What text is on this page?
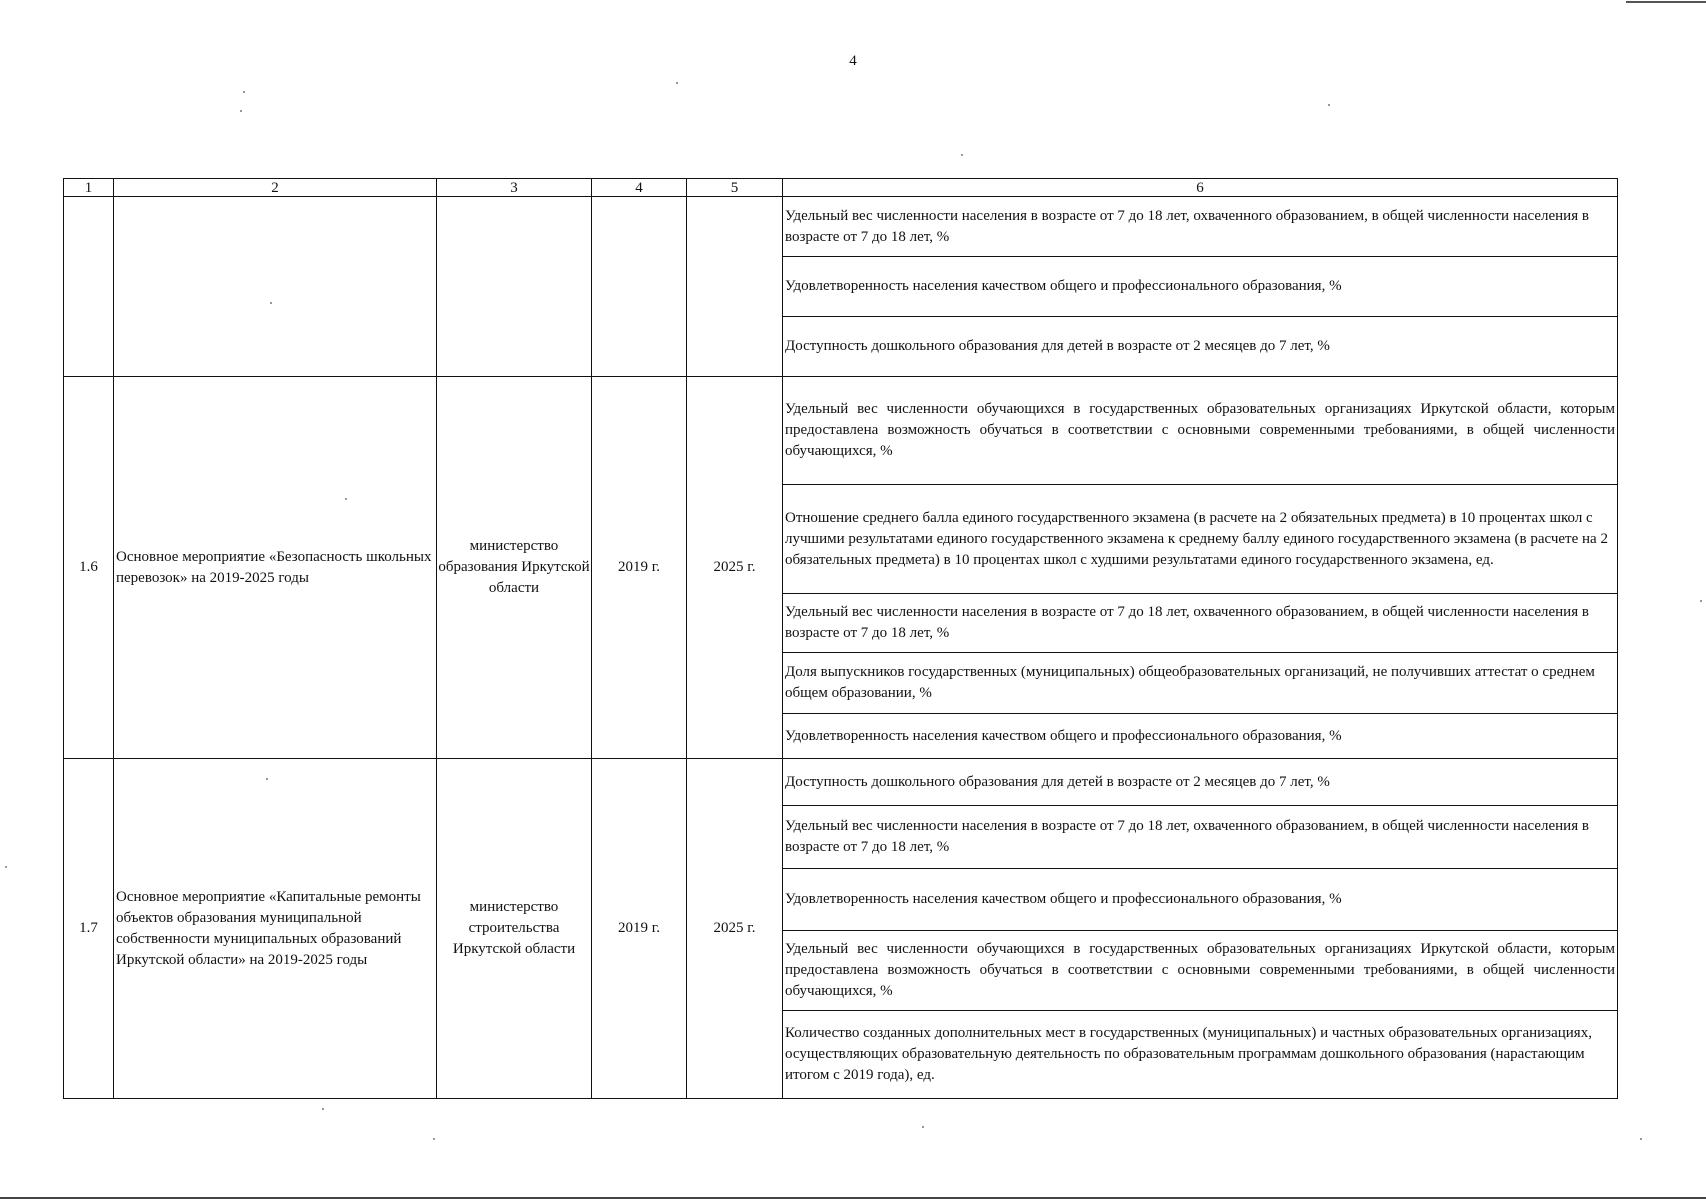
4
1	2	3	4	5	6
					Удельный вес численности населения в возрасте от 7 до 18 лет, охваченного образованием, в общей численности населения в возрасте от 7 до 18 лет, %
					Удовлетворенность населения качеством общего и профессионального образования, %
					Доступность дошкольного образования для детей в возрасте от 2 месяцев до 7 лет, %
1.6	Основное мероприятие «Безопасность школьных перевозок» на 2019-2025 годы	министерство образования Иркутской области	2019 г.	2025 г.	Удельный вес численности обучающихся в государственных образовательных организациях Иркутской области, которым предоставлена возможность обучаться в соответствии с основными современными требованиями, в общей численности обучающихся, %
					Отношение среднего балла единого государственного экзамена (в расчете на 2 обязательных предмета) в 10 процентах школ с лучшими результатами единого государственного экзамена к среднему баллу единого государственного экзамена (в расчете на 2 обязательных предмета) в 10 процентах школ с худшими результатами единого государственного экзамена, ед.
					Удельный вес численности населения в возрасте от 7 до 18 лет, охваченного образованием, в общей численности населения в возрасте от 7 до 18 лет, %
					Доля выпускников государственных (муниципальных) общеобразовательных организаций, не получивших аттестат о среднем общем образовании, %
					Удовлетворенность населения качеством общего и профессионального образования, %
1.7	Основное мероприятие «Капитальные ремонты объектов образования муниципальной собственности муниципальных образований Иркутской области» на 2019-2025 годы	министерство строительства Иркутской области	2019 г.	2025 г.	Доступность дошкольного образования для детей в возрасте от 2 месяцев до 7 лет, %
					Удельный вес численности населения в возрасте от 7 до 18 лет, охваченного образованием, в общей численности населения в возрасте от 7 до 18 лет, %
					Удовлетворенность населения качеством общего и профессионального образования, %
					Удельный вес численности обучающихся в государственных образовательных организациях Иркутской области, которым предоставлена возможность обучаться в соответствии с основными современными требованиями, в общей численности обучающихся, %
					Количество созданных дополнительных мест в государственных (муниципальных) и частных образовательных организациях, осуществляющих образовательную деятельность по образовательным программам дошкольного образования (нарастающим итогом с 2019 года), ед.
